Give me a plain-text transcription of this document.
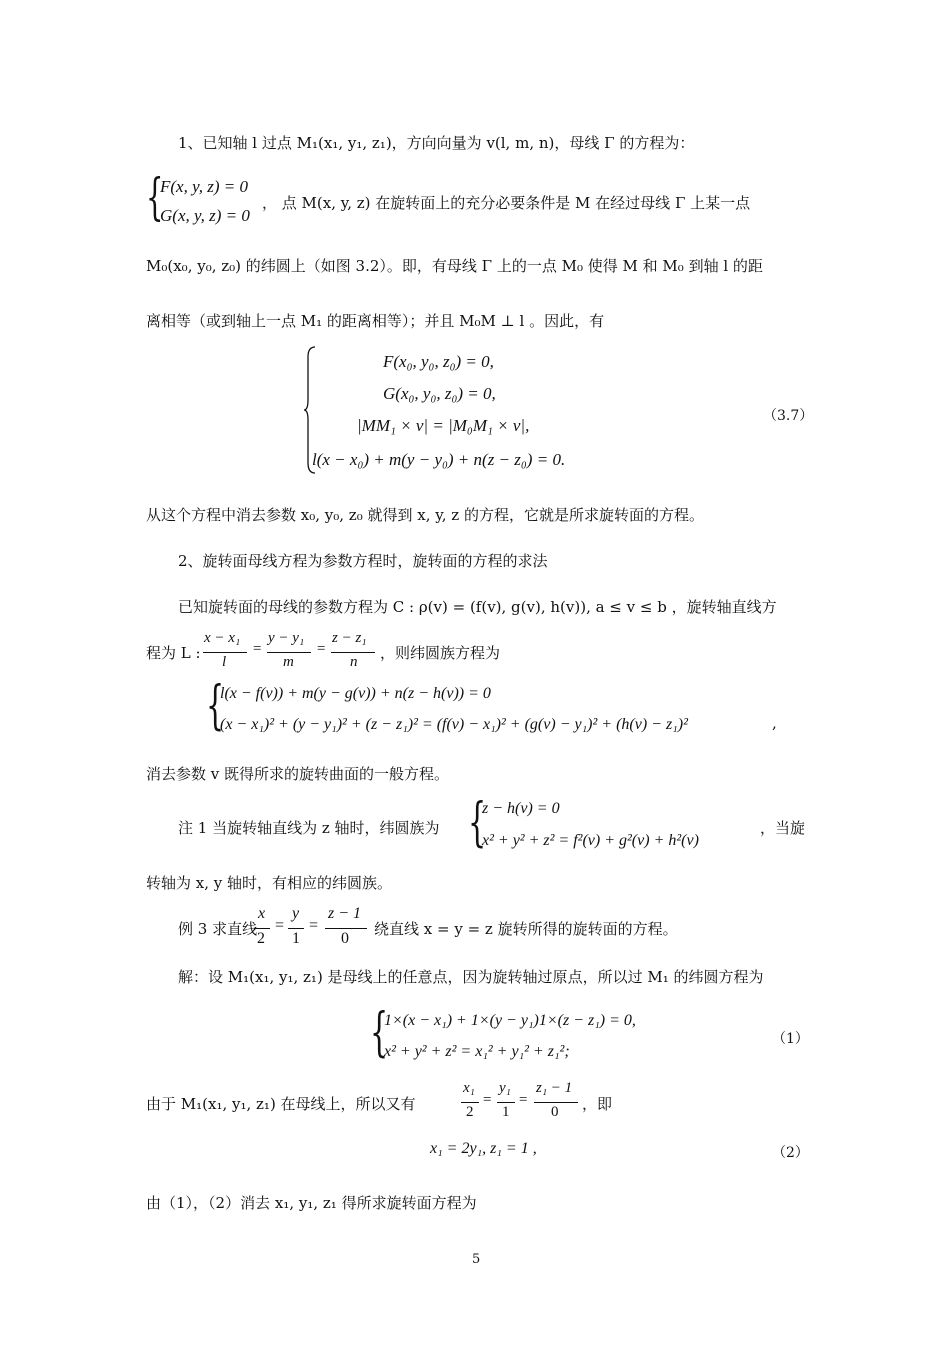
1、已知轴 l 过点 M₁(x₁, y₁, z₁)，方向向量为 v(l, m, n)，母线 Γ 的方程为：
{
F(x, y, z) = 0
G(x, y, z) = 0
， 点 M(x, y, z) 在旋转面上的充分必要条件是 M 在经过母线 Γ 上某一点
M₀(x₀, y₀, z₀) 的纬圆上（如图 3.2）。即，有母线 Γ 上的一点 M₀ 使得 M 和 M₀ 到轴 l 的距
离相等（或到轴上一点 M₁ 的距离相等）；并且 M₀M ⊥ l 。因此，有
F(x₀, y₀, z₀) = 0,
G(x₀, y₀, z₀) = 0,
|MM₁ × v| = |M₀M₁ × v|,
l(x − x₀) + m(y − y₀) + n(z − z₀) = 0.
（3.7）
从这个方程中消去参数 x₀, y₀, z₀ 就得到 x, y, z 的方程，它就是所求旋转面的方程。
2、旋转面母线方程为参数方程时，旋转面的方程的求法
已知旋转面的母线的参数方程为 C : ρ(v) = (f(v), g(v), h(v)), a ≤ v ≤ b ，旋转轴直线方
程为 L :
x − x₁
l
=
y − y₁
m
=
z − z₁
n ，则纬圆族方程为
{
l(x − f(v)) + m(y − g(v)) + n(z − h(v)) = 0
(x − x₁)² + (y − y₁)² + (z − z₁)² = (f(v) − x₁)² + (g(v) − y₁)² + (h(v) − z₁)²	,
消去参数 v 既得所求的旋转曲面的一般方程。
注 1 当旋转轴直线为 z 轴时，纬圆族为 {
z − h(v) = 0
x² + y² + z² = f²(v) + g²(v) + h²(v)
，当旋
转轴为 x, y 轴时，有相应的纬圆族。
例 3 求直线
x
2
=
y
1
=
z − 1
0
绕直线 x = y = z 旋转所得的旋转面的方程。
解：设 M₁(x₁, y₁, z₁) 是母线上的任意点，因为旋转轴过原点，所以过 M₁ 的纬圆方程为
{
1×(x − x₁) + 1×(y − y₁)1×(z − z₁) = 0,
x² + y² + z² = x₁² + y₁² + z₁²;
（1）
由于 M₁(x₁, y₁, z₁) 在母线上，所以又有
x₁
2
=
y₁
1
=
z₁ − 1
0 ，即
x₁ = 2y₁, z₁ = 1 ,	（2）
由（1），（2）消去 x₁, y₁, z₁ 得所求旋转面方程为
5
